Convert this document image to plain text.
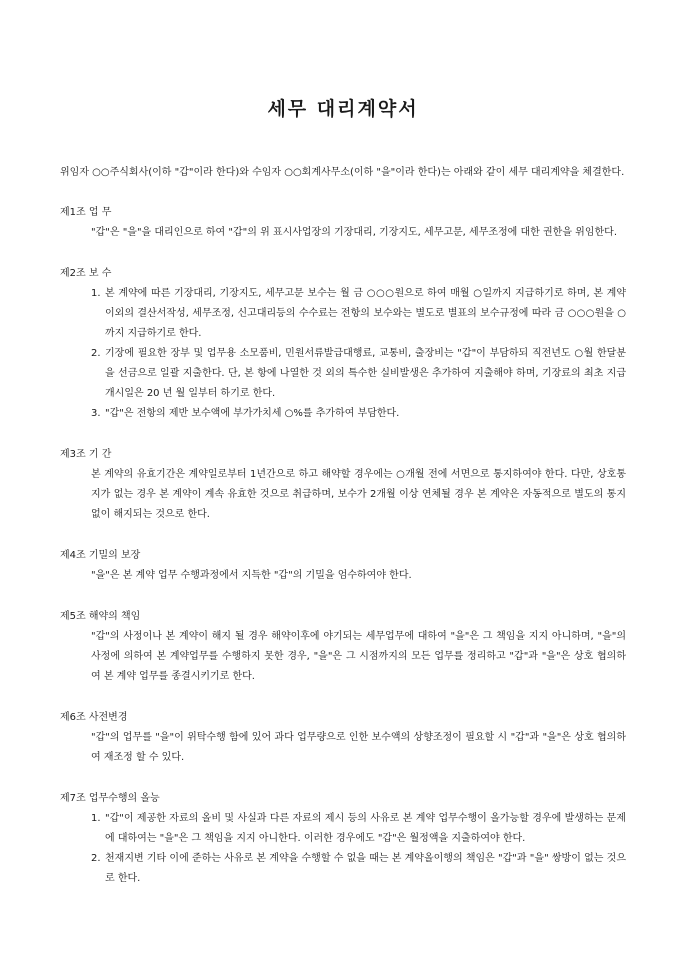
세무 대리계약서

위임자 ○○주식회사(이하 "갑"이라 한다)와 수임자 ○○회계사무소(이하 "을"이라 한다)는 아래와 같이 세무 대리계약을 체결한다.

제1조 업 무

"갑"은 "을"을 대리인으로 하여 "갑"의 위 표시사업장의 기장대리, 기장지도, 세무고문, 세무조정에 대한 권한을 위임한다.

제2조 보 수

1. 본 계약에 따른 기장대리, 기장지도, 세무고문 보수는 월 금 ○○○원으로 하여 매월 ○일까지 지급하기로 하며, 본 계약 이외의 결산서작성, 세무조정, 신고대리등의 수수료는 전항의 보수와는 별도로 별표의 보수규정에 따라 금 ○○○원을 ○까지 지급하기로 한다.
2. 기장에 필요한 장부 및 업무용 소모품비, 민원서류발급대행료, 교통비, 출장비는 "갑"이 부담하되 직전년도 ○월 한달분을 선금으로 일괄 지출한다. 단, 본 항에 나열한 것 외의 특수한 실비발생은 추가하여 지출해야 하며, 기장료의 최초 지급개시일은 20 년 월 일부터 하기로 한다.
3. "갑"은 전항의 제반 보수액에 부가가치세 ○%를 추가하여 부담한다.

제3조 기 간

본 계약의 유효기간은 계약일로부터 1년간으로 하고 해약할 경우에는 ○개월 전에 서면으로 통지하여야 한다. 다만, 상호통지가 없는 경우 본 계약이 계속 유효한 것으로 취급하며, 보수가 2개월 이상 연체될 경우 본 계약은 자동적으로 별도의 통지 없이 해지되는 것으로 한다.

제4조 기밀의 보장

"을"은 본 계약 업무 수행과정에서 지득한 "갑"의 기밀을 엄수하여야 한다.

제5조 해약의 책임

"갑"의 사정이나 본 계약이 해지 될 경우 해약이후에 야기되는 세무업무에 대하여 "을"은 그 책임을 지지 아니하며, "을"의 사정에 의하여 본 계약업무를 수행하지 못한 경우, "을"은 그 시점까지의 모든 업무를 정리하고 "갑"과 "을"은 상호 협의하여 본 계약 업무를 종결시키기로 한다.

제6조 사전변경

"갑"의 업무를 "을"이 위탁수행 함에 있어 과다 업무량으로 인한 보수액의 상향조정이 필요할 시 "갑"과 "을"은 상호 협의하여 재조정 할 수 있다.

제7조 업무수행의 올능

1. "갑"이 제공한 자료의 올비 및 사실과 다른 자료의 제시 등의 사유로 본 계약 업무수행이 올가능할 경우에 발생하는 문제에 대하여는 "을"은 그 책임을 지지 아니한다. 이러한 경우에도 "갑"은 월정액을 지출하여야 한다.
2. 천재지변 기타 이에 준하는 사유로 본 계약을 수행할 수 없을 때는 본 계약올이행의 책임은 "갑"과 "을" 쌍방이 없는 것으로 한다.
